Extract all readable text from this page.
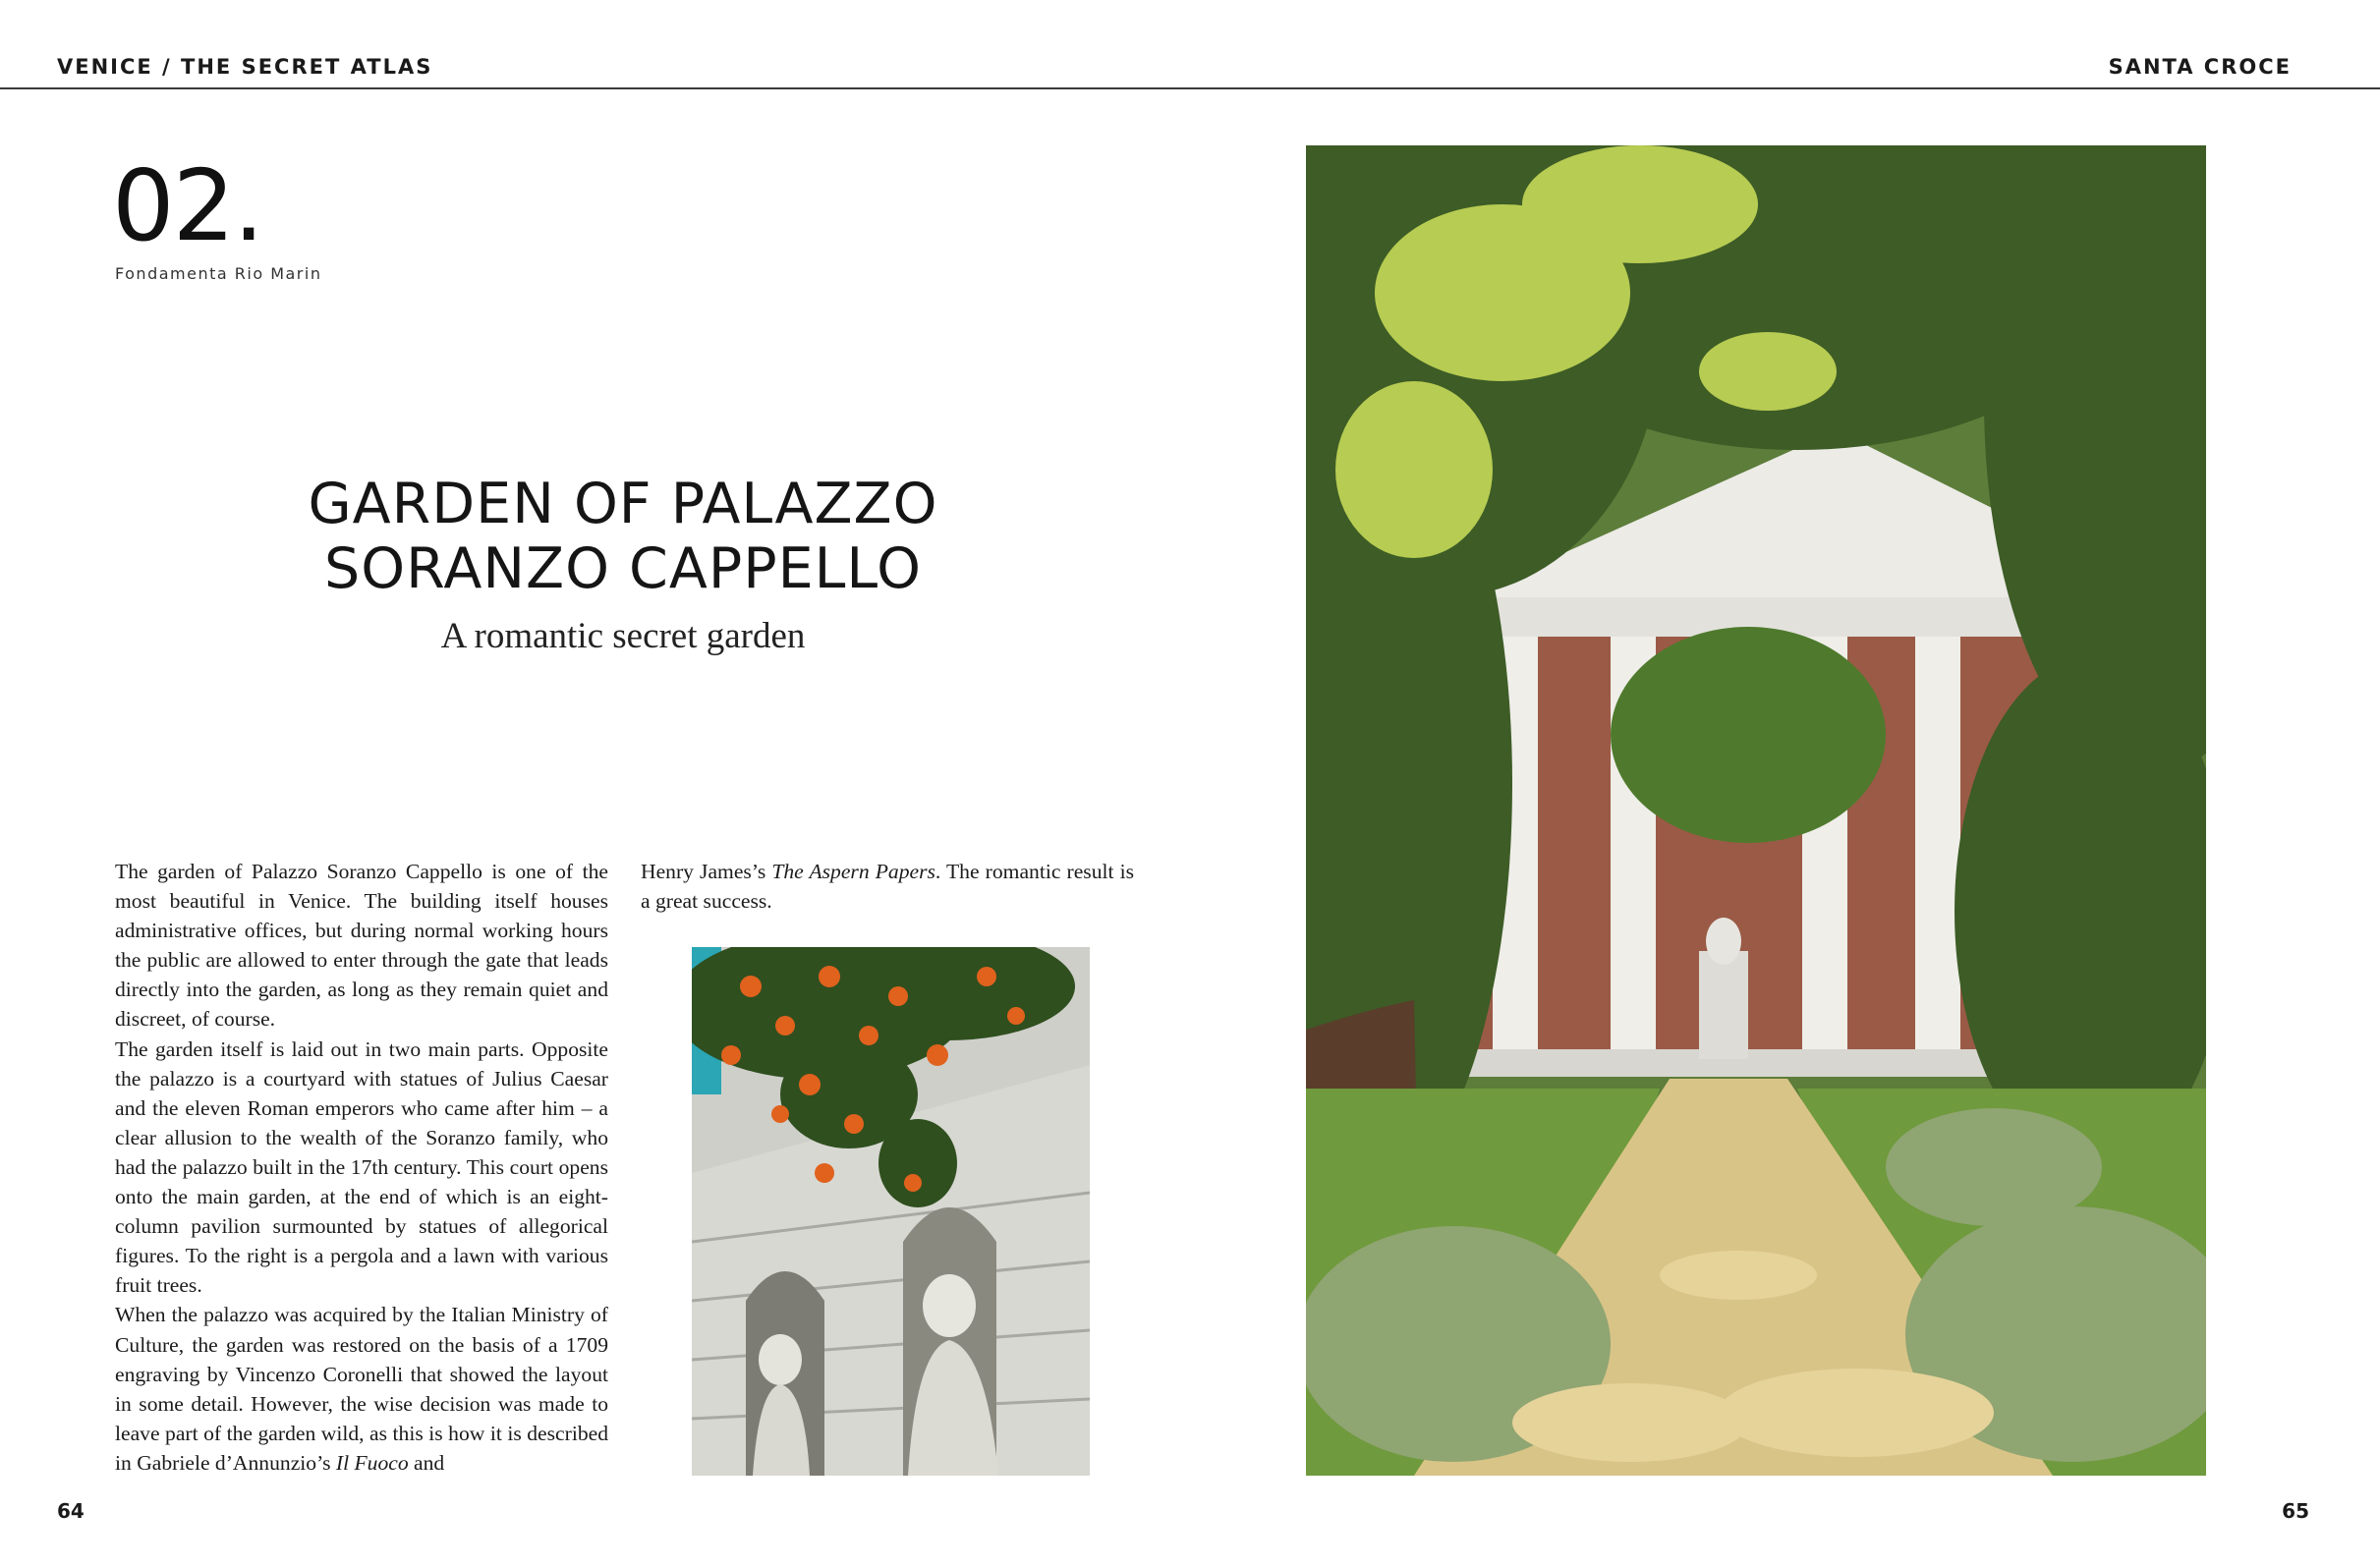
VENICE / THE SECRET ATLAS	SANTA CROCE
02.
Fondamenta Rio Marin
GARDEN OF PALAZZO
SORANZO CAPPELLO
A romantic secret garden

The garden of Palazzo Soranzo Cappello is one of the most beautiful in Venice. The building itself houses administrative offices, but during normal working hours the public are allowed to enter through the gate that leads directly into the garden, as long as they remain quiet and discreet, of course.

The garden itself is laid out in two main parts. Opposite the palazzo is a courtyard with statues of Julius Caesar and the eleven Roman emperors who came after him – a clear allusion to the wealth of the Soranzo family, who had the palazzo built in the 17th century. This court opens onto the main garden, at the end of which is an eight-column pavilion surmounted by statues of allegorical figures. To the right is a pergola and a lawn with various fruit trees.

When the palazzo was acquired by the Italian Ministry of Culture, the garden was restored on the basis of a 1709 engraving by Vincenzo Coronelli that showed the layout in some detail. However, the wise decision was made to leave part of the garden wild, as this is how it is described in Gabriele d’Annunzio’s Il Fuoco and

Henry James’s The Aspern Papers. The romantic result is a great success.

64	65
